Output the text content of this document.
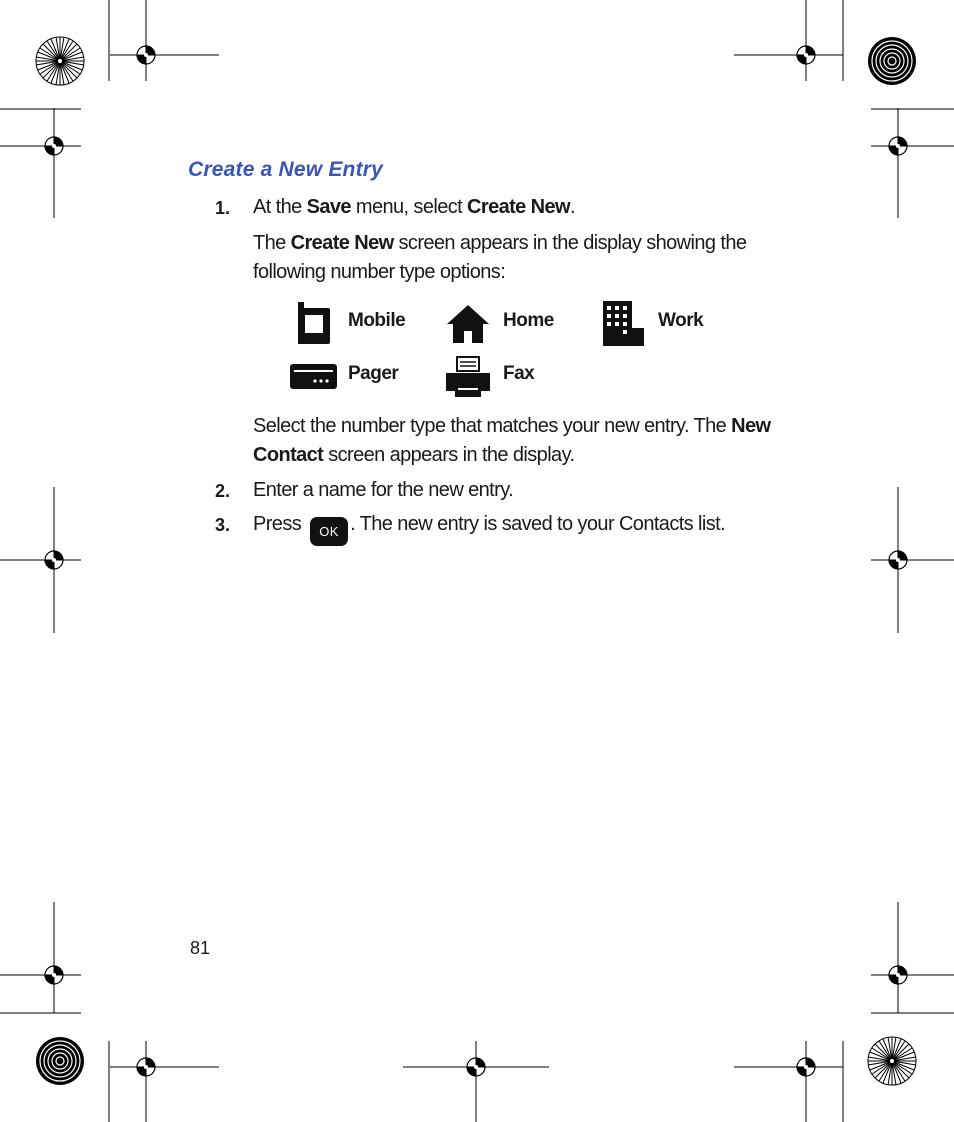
Create a New Entry
1. At the Save menu, select Create New.
The Create New screen appears in the display showing the following number type options:
Mobile	Home	Work
Pager	Fax
Select the number type that matches your new entry. The New Contact screen appears in the display.
2. Enter a name for the new entry.
3. Press OK . The new entry is saved to your Contacts list.
81
